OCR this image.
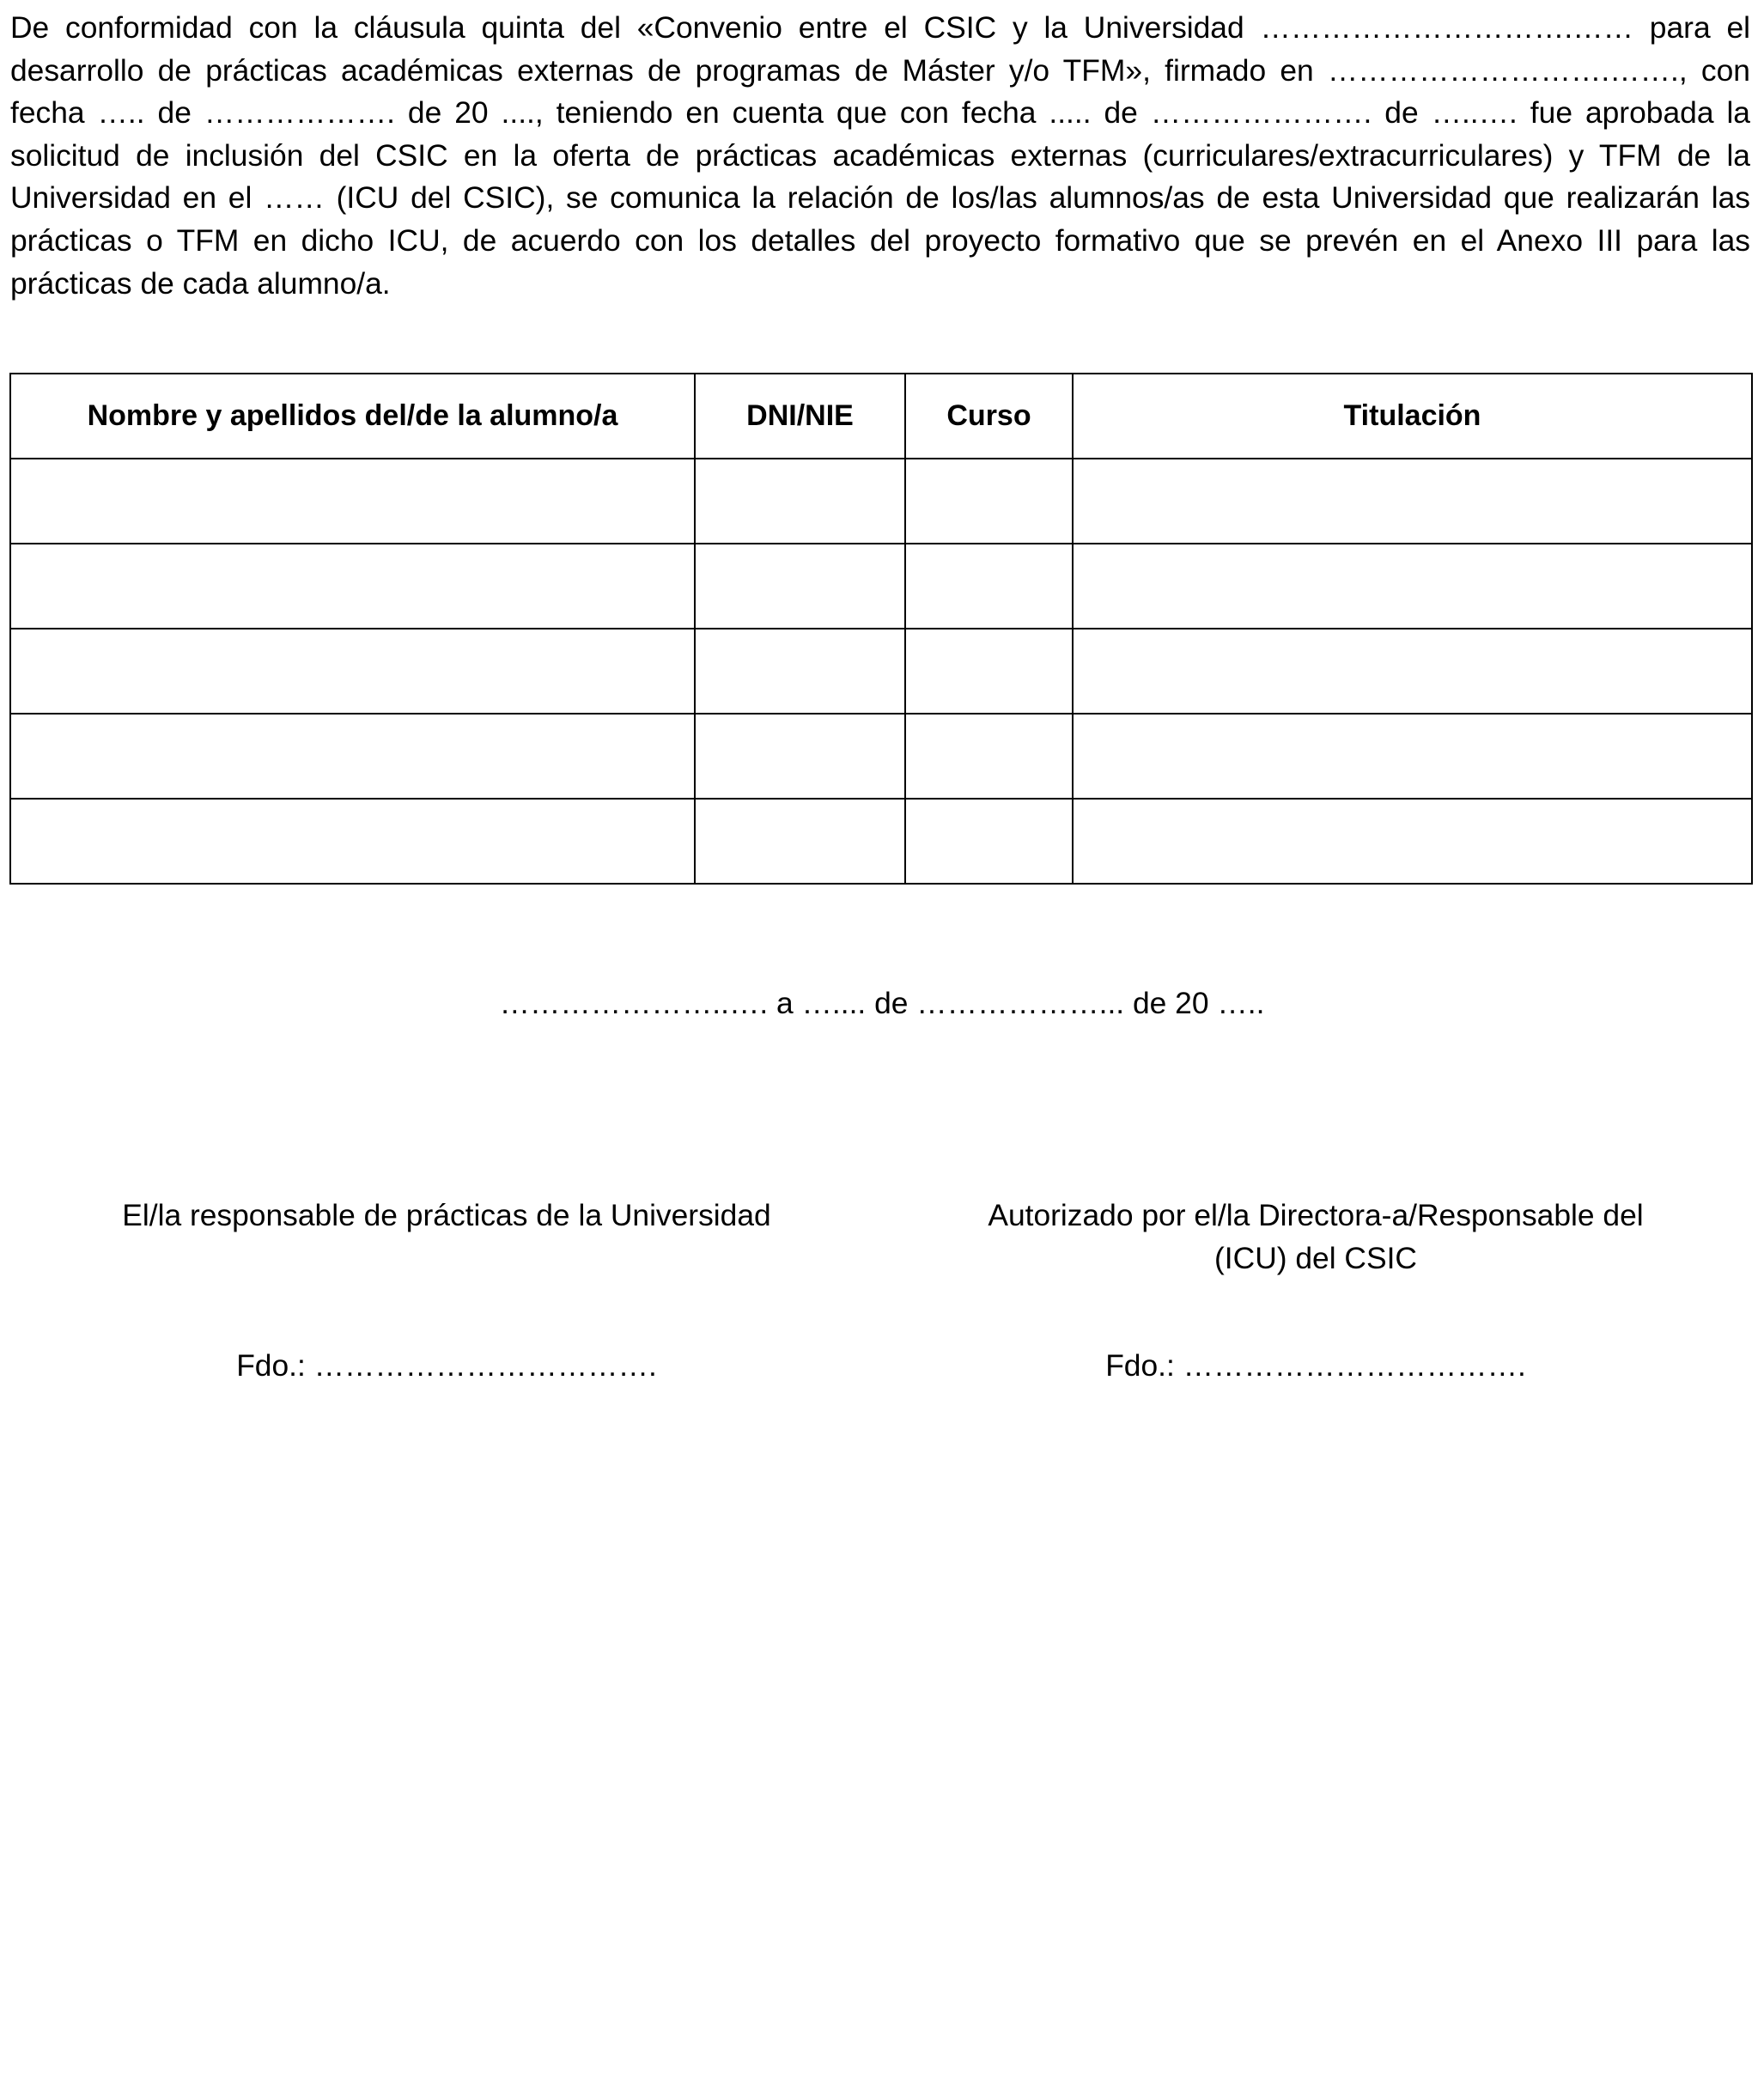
De conformidad con la cláusula quinta del «Convenio entre el CSIC y la Universidad ………………………….…… para el desarrollo de prácticas académicas externas de programas de Máster y/o TFM», firmado en ……………………….……., con fecha ….. de ………………. de 20 ...., teniendo en cuenta que con fecha ..... de …………………. de …..…. fue aprobada la solicitud de inclusión del CSIC en la oferta de prácticas académicas externas (curriculares/extracurriculares) y TFM de la Universidad en el …… (ICU del CSIC), se comunica la relación de los/las alumnos/as de esta Universidad que realizarán las prácticas o TFM en dicho ICU, de acuerdo con los detalles del proyecto formativo que se prevén en el Anexo III para las prácticas de cada alumno/a.

Nombre y apellidos del/de la alumno/a	DNI/NIE	Curso	Titulación

…………………..…. a ….... de ………………... de 20 …..

El/la responsable de prácticas de la Universidad	Autorizado por el/la Directora-a/Responsable del
(ICU) del CSIC

Fdo.: …………………………….	Fdo.: …………………………….
